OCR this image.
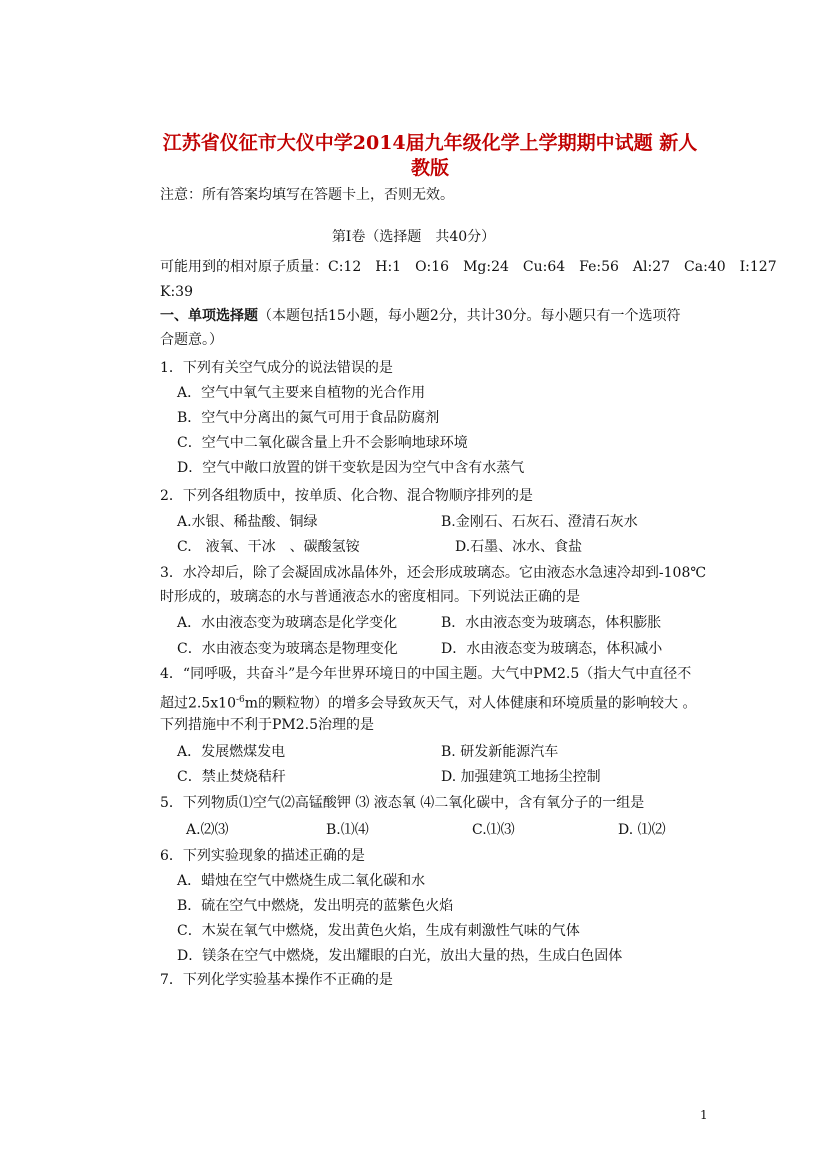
江苏省仪征市大仪中学2014届九年级化学上学期期中试题 新人
教版
注意：所有答案均填写在答题卡上，否则无效。
第Ⅰ卷（选择题　共40分）
可能用到的相对原子质量：C:12　H:1　O:16　Mg:24　Cu:64　Fe:56　Al:27　Ca:40　I:127
K:39
一、单项选择题（本题包括15小题，每小题2分，共计30分。每小题只有一个选项符
合题意。）
1．下列有关空气成分的说法错误的是
A．空气中氧气主要来自植物的光合作用
B．空气中分离出的氮气可用于食品防腐剂
C．空气中二氧化碳含量上升不会影响地球环境
D．空气中敞口放置的饼干变软是因为空气中含有水蒸气
2．下列各组物质中，按单质、化合物、混合物顺序排列的是
A.水银、稀盐酸、铜绿	B.金刚石、石灰石、澄清石灰水
C.　液氧、干冰　、碳酸氢铵	D.石墨、冰水、食盐
3．水冷却后，除了会凝固成冰晶体外，还会形成玻璃态。它由液态水急速冷却到-108℃
时形成的，玻璃态的水与普通液态水的密度相同。下列说法正确的是
A．水由液态变为玻璃态是化学变化	B．水由液态变为玻璃态，体积膨胀
C．水由液态变为玻璃态是物理变化	D．水由液态变为玻璃态，体积减小
4．“同呼吸，共奋斗”是今年世界环境日的中国主题。大气中PM2.5（指大气中直径不
超过$2.5x10^{-6}m$的颗粒物）的增多会导致灰天气，对人体健康和环境质量的影响较大 。
下列措施中不利于PM2.5治理的是
A．发展燃煤发电	B. 研发新能源汽车
C．禁止焚烧秸秆	D. 加强建筑工地扬尘控制
5．下列物质⑴空气⑵高锰酸钾 ⑶ 液态氧 ⑷二氧化碳中，含有氧分子的一组是
A.⑵⑶	B.⑴⑷	C.⑴⑶	D. ⑴⑵
6．下列实验现象的描述正确的是
A．蜡烛在空气中燃烧生成二氧化碳和水
B．硫在空气中燃烧，发出明亮的蓝紫色火焰
C．木炭在氧气中燃烧，发出黄色火焰，生成有刺激性气味的气体
D．镁条在空气中燃烧，发出耀眼的白光，放出大量的热，生成白色固体
7．下列化学实验基本操作不正确的是
1
